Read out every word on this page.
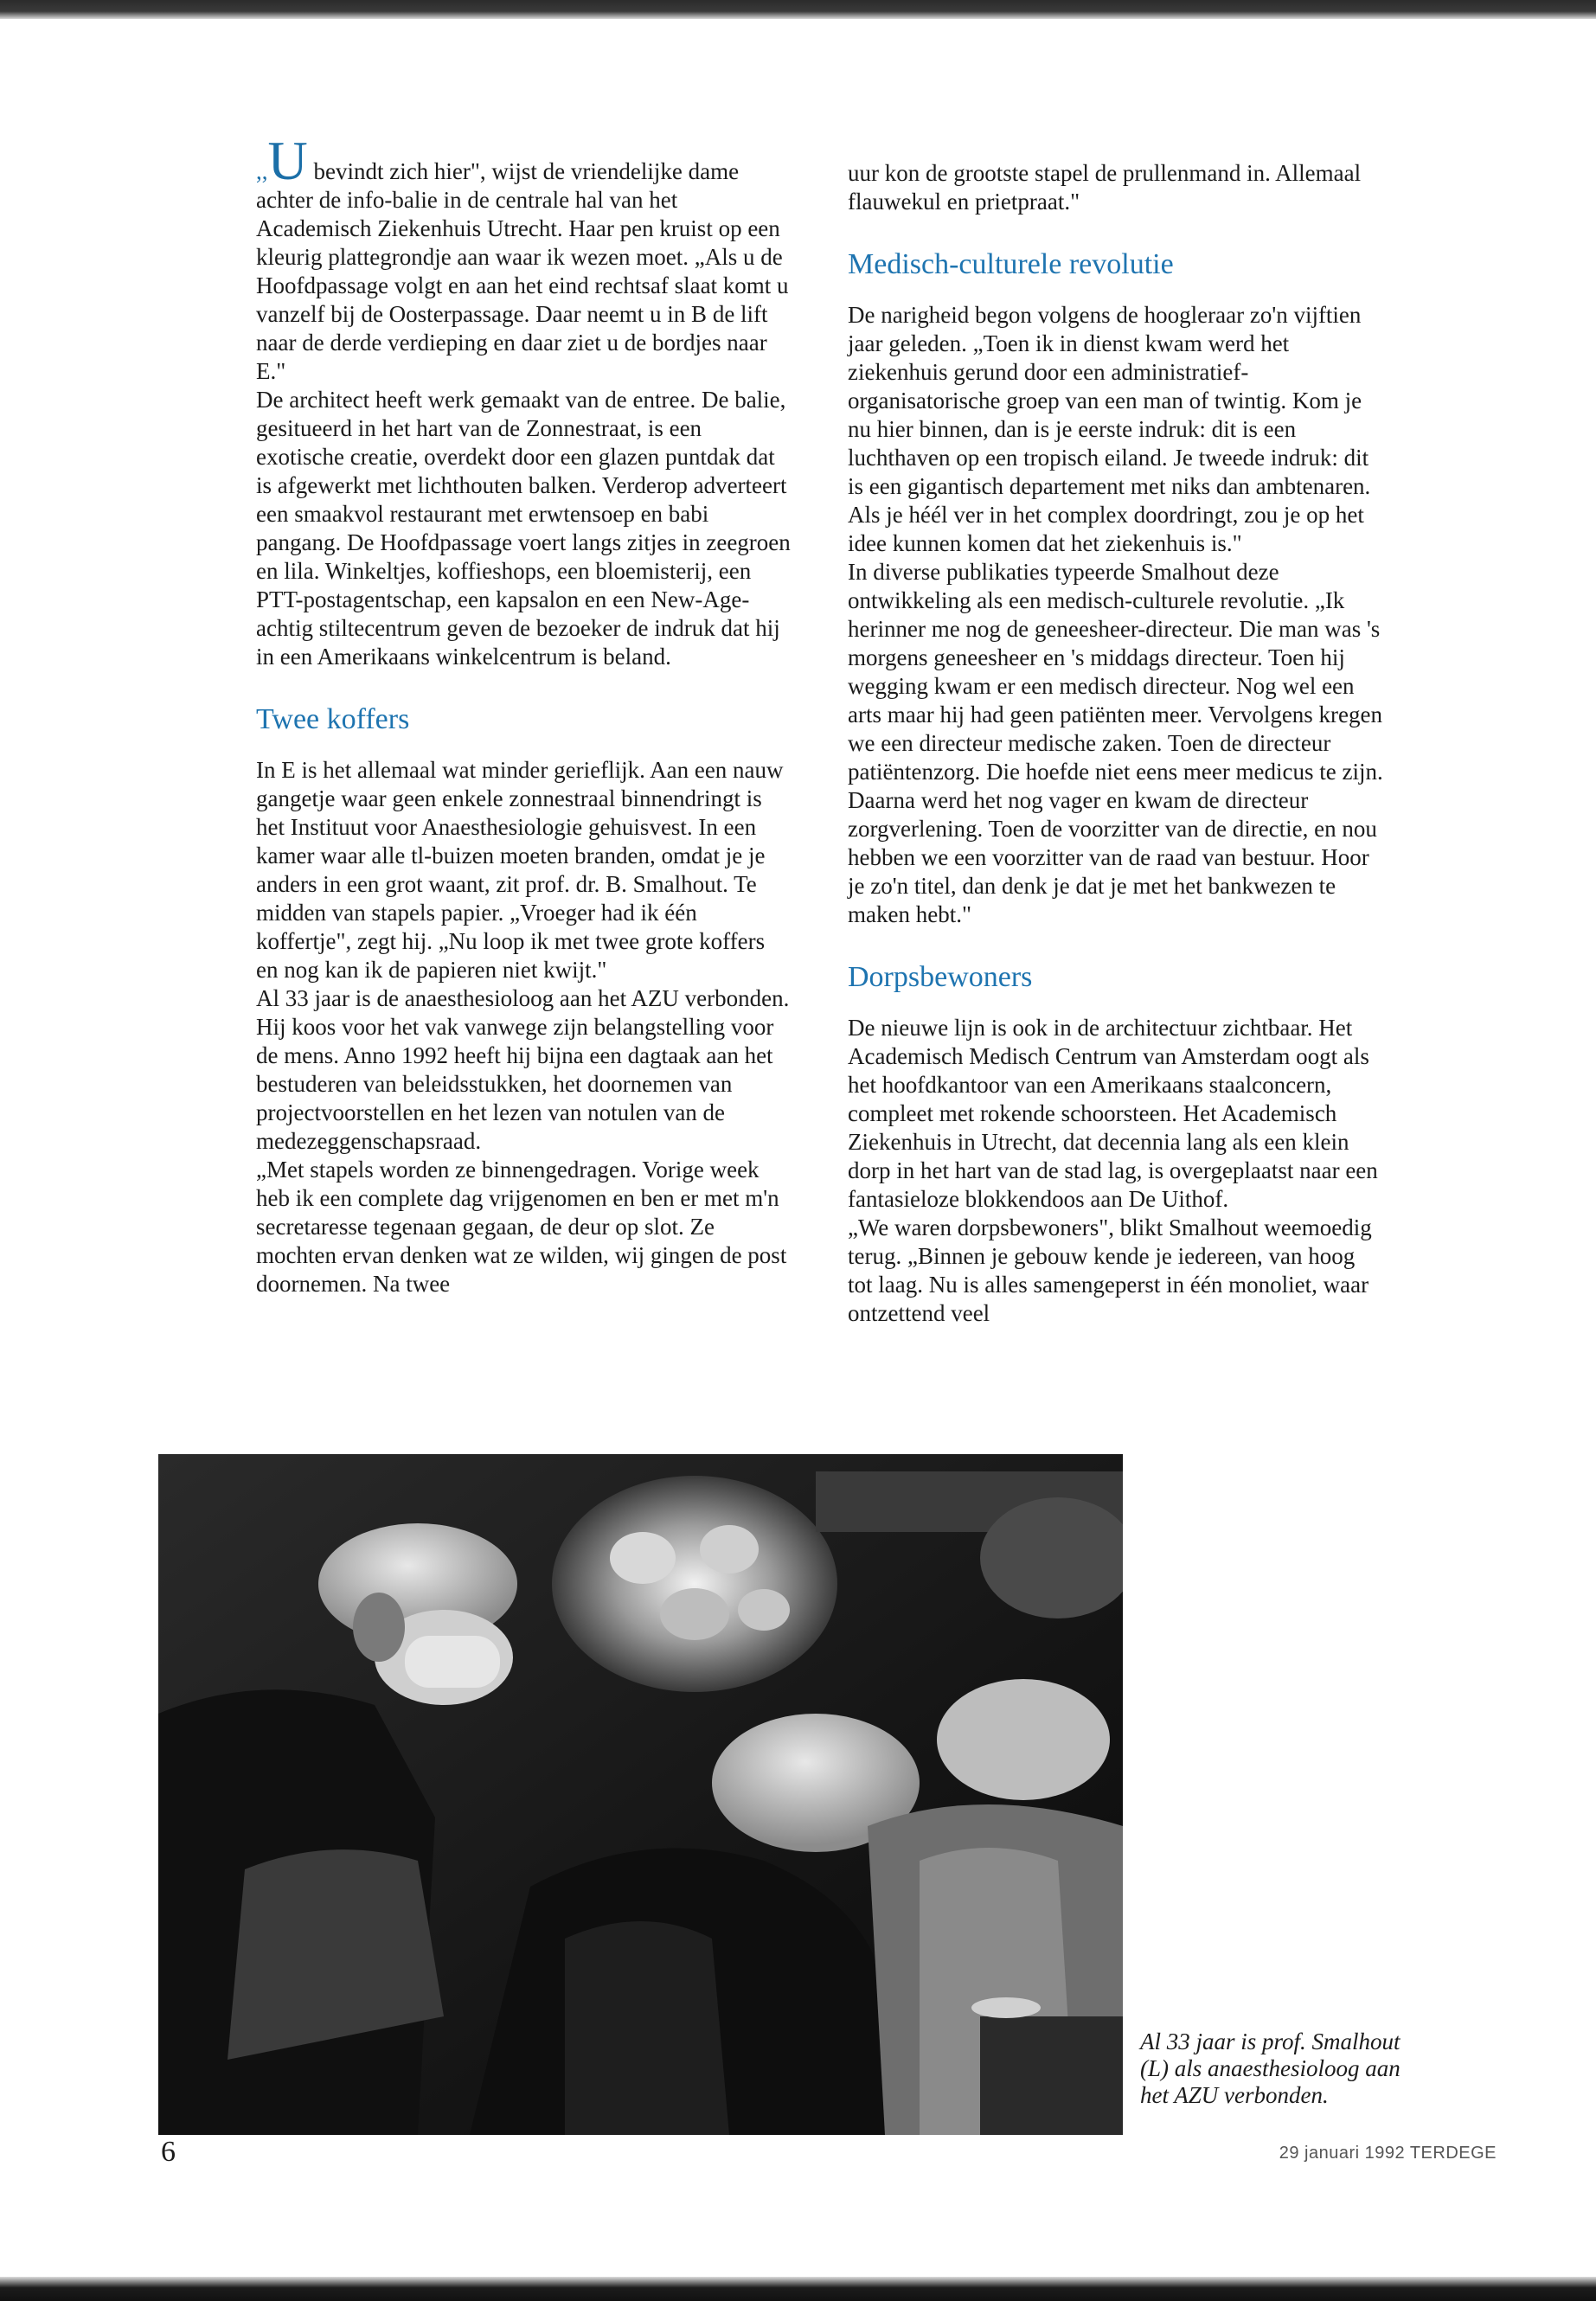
,,U bevindt zich hier", wijst de vriendelijke dame achter de info-balie in de centrale hal van het Academisch Ziekenhuis Utrecht. Haar pen kruist op een kleurig plattegrondje aan waar ik wezen moet. „Als u de Hoofdpassage volgt en aan het eind rechtsaf slaat komt u vanzelf bij de Oosterpassage. Daar neemt u in B de lift naar de derde verdieping en daar ziet u de bordjes naar E."

De architect heeft werk gemaakt van de entree. De balie, gesitueerd in het hart van de Zonnestraat, is een exotische creatie, overdekt door een glazen puntdak dat is afgewerkt met lichthouten balken. Verderop adverteert een smaakvol restaurant met erwtensoep en babi pangang. De Hoofdpassage voert langs zitjes in zeegroen en lila. Winkeltjes, koffieshops, een bloemisterij, een PTT-postagentschap, een kapsalon en een New-Age-achtig stiltecentrum geven de bezoeker de indruk dat hij in een Amerikaans winkelcentrum is beland.

Twee koffers

In E is het allemaal wat minder gerieflijk. Aan een nauw gangetje waar geen enkele zonnestraal binnendringt is het Instituut voor Anaesthesiologie gehuisvest. In een kamer waar alle tl-buizen moeten branden, omdat je je anders in een grot waant, zit prof. dr. B. Smalhout. Te midden van stapels papier. „Vroeger had ik één koffertje", zegt hij. „Nu loop ik met twee grote koffers en nog kan ik de papieren niet kwijt."

Al 33 jaar is de anaesthesioloog aan het AZU verbonden. Hij koos voor het vak vanwege zijn belangstelling voor de mens. Anno 1992 heeft hij bijna een dagtaak aan het bestuderen van beleidsstukken, het doornemen van projectvoorstellen en het lezen van notulen van de medezeggenschapsraad.

„Met stapels worden ze binnengedragen. Vorige week heb ik een complete dag vrijgenomen en ben er met m'n secretaresse tegenaan gegaan, de deur op slot. Ze mochten ervan denken wat ze wilden, wij gingen de post doornemen. Na twee

uur kon de grootste stapel de prullenmand in. Allemaal flauwekul en prietpraat."

Medisch-culturele revolutie

De narigheid begon volgens de hoogleraar zo'n vijftien jaar geleden. „Toen ik in dienst kwam werd het ziekenhuis gerund door een administratief-organisatorische groep van een man of twintig. Kom je nu hier binnen, dan is je eerste indruk: dit is een luchthaven op een tropisch eiland. Je tweede indruk: dit is een gigantisch departement met niks dan ambtenaren. Als je héél ver in het complex doordringt, zou je op het idee kunnen komen dat het ziekenhuis is."

In diverse publikaties typeerde Smalhout deze ontwikkeling als een medisch-culturele revolutie. „Ik herinner me nog de geneesheer-directeur. Die man was 's morgens geneesheer en 's middags directeur. Toen hij wegging kwam er een medisch directeur. Nog wel een arts maar hij had geen patiënten meer. Vervolgens kregen we een directeur medische zaken. Toen de directeur patiëntenzorg. Die hoefde niet eens meer medicus te zijn. Daarna werd het nog vager en kwam de directeur zorgverlening. Toen de voorzitter van de directie, en nou hebben we een voorzitter van de raad van bestuur. Hoor je zo'n titel, dan denk je dat je met het bankwezen te maken hebt."

Dorpsbewoners

De nieuwe lijn is ook in de architectuur zichtbaar. Het Academisch Medisch Centrum van Amsterdam oogt als het hoofdkantoor van een Amerikaans staalconcern, compleet met rokende schoorsteen. Het Academisch Ziekenhuis in Utrecht, dat decennia lang als een klein dorp in het hart van de stad lag, is overgeplaatst naar een fantasieloze blokkendoos aan De Uithof.

„We waren dorpsbewoners", blikt Smalhout weemoedig terug. „Binnen je gebouw kende je iedereen, van hoog tot laag. Nu is alles samengeperst in één monoliet, waar ontzettend veel

Al 33 jaar is prof. Smalhout (L) als anaesthesioloog aan het AZU verbonden.
6	29 januari 1992 TERDEGE
